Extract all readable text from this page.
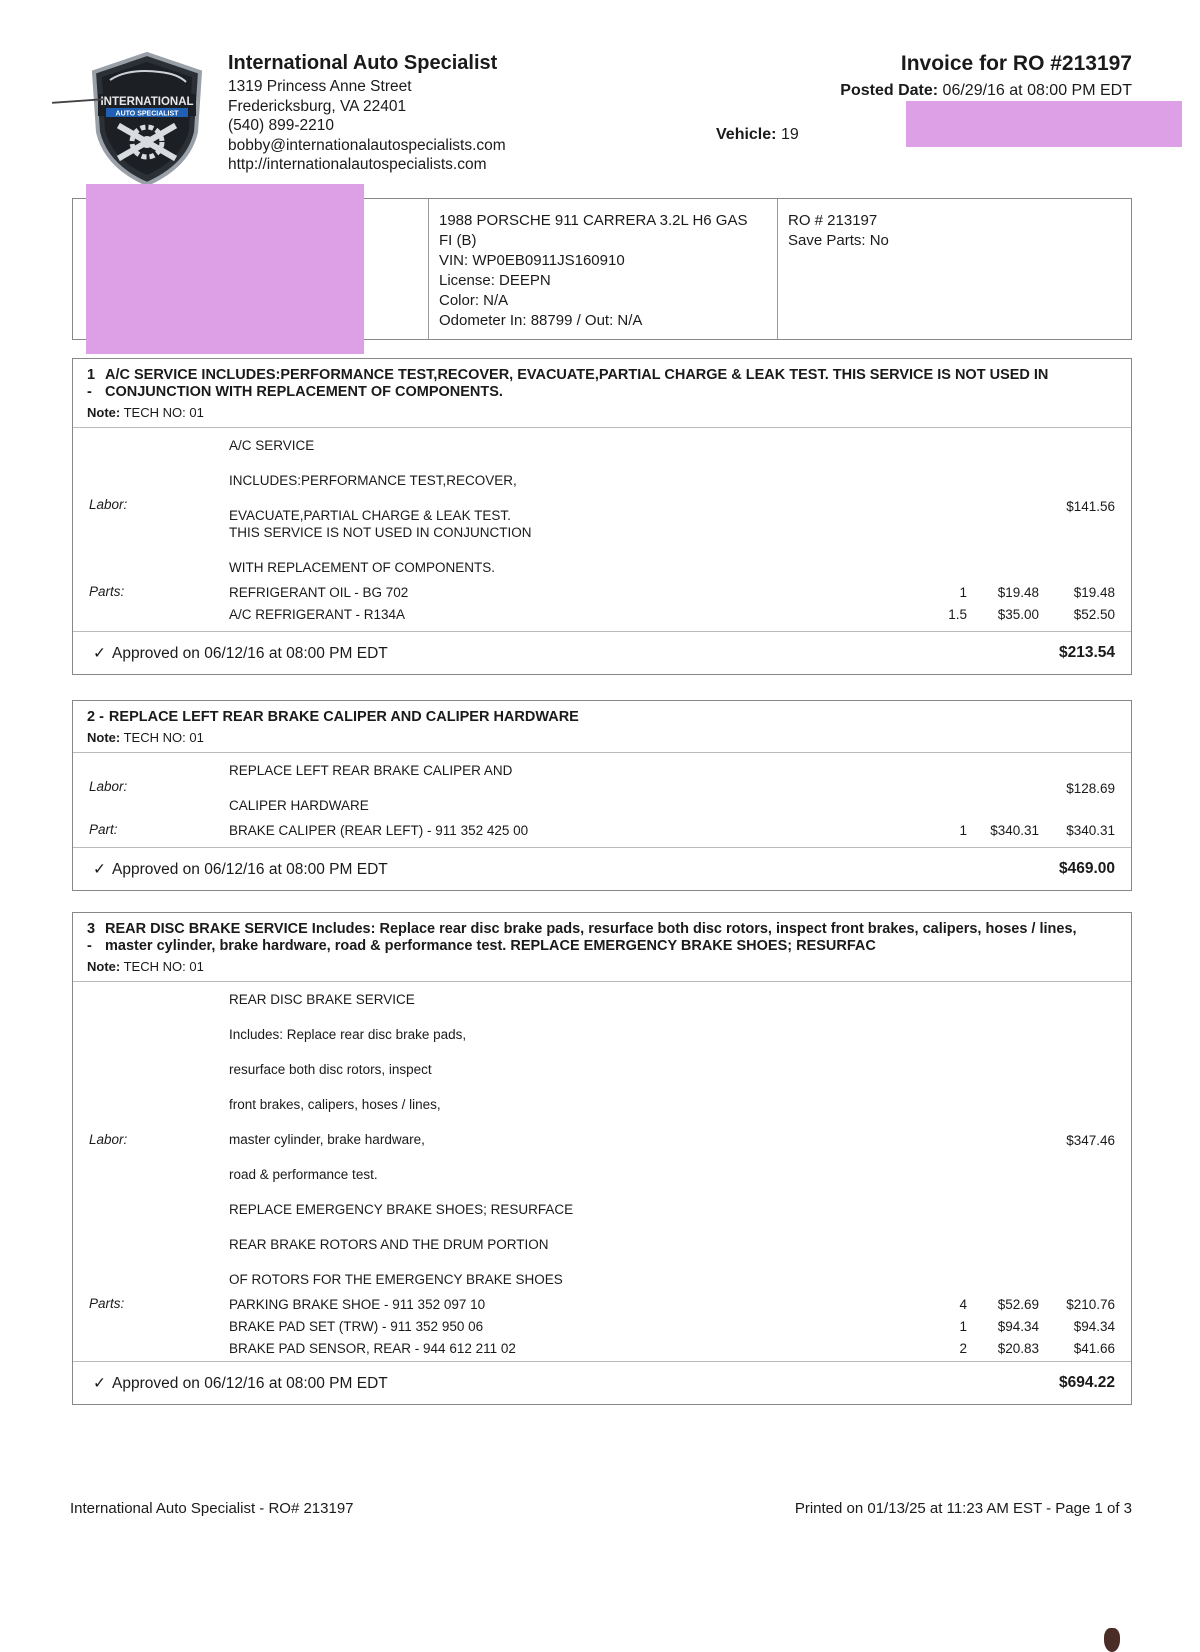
INTERNATIONAL
AUTO SPECIALIST
International Auto Specialist
1319 Princess Anne Street
Fredericksburg, VA 22401
(540) 899-2210
bobby@internationalautospecialists.com
http://internationalautospecialists.com
Invoice for RO #213197
Posted Date: 06/29/16 at 08:00 PM EDT
Vehicle: 19
1988 PORSCHE 911 CARRERA 3.2L H6 GAS
FI (B)
VIN: WP0EB0911JS160910
License: DEEPN
Color: N/A
Odometer In: 88799 / Out: N/A
RO # 213197
Save Parts: No
1 A/C SERVICE INCLUDES:PERFORMANCE TEST,RECOVER, EVACUATE,PARTIAL CHARGE & LEAK TEST. THIS SERVICE IS NOT USED IN
- CONJUNCTION WITH REPLACEMENT OF COMPONENTS.
Note: TECH NO: 01
A/C SERVICE
INCLUDES:PERFORMANCE TEST,RECOVER,
Labor:	$141.56
EVACUATE,PARTIAL CHARGE & LEAK TEST.
THIS SERVICE IS NOT USED IN CONJUNCTION
WITH REPLACEMENT OF COMPONENTS.
Parts:	REFRIGERANT OIL - BG 702	1	$19.48	$19.48
A/C REFRIGERANT - R134A	1.5	$35.00	$52.50
✓ Approved on 06/12/16 at 08:00 PM EDT	$213.54
2 - REPLACE LEFT REAR BRAKE CALIPER AND CALIPER HARDWARE
Note: TECH NO: 01
REPLACE LEFT REAR BRAKE CALIPER AND
Labor:	$128.69
CALIPER HARDWARE
Part:	BRAKE CALIPER (REAR LEFT) - 911 352 425 00	1	$340.31	$340.31
✓ Approved on 06/12/16 at 08:00 PM EDT	$469.00
3 REAR DISC BRAKE SERVICE Includes: Replace rear disc brake pads, resurface both disc rotors, inspect front brakes, calipers, hoses / lines,
- master cylinder, brake hardware, road & performance test. REPLACE EMERGENCY BRAKE SHOES; RESURFAC
Note: TECH NO: 01
REAR DISC BRAKE SERVICE
Includes: Replace rear disc brake pads,
resurface both disc rotors, inspect
front brakes, calipers, hoses / lines,
Labor:	master cylinder, brake hardware,	$347.46
road & performance test.
REPLACE EMERGENCY BRAKE SHOES; RESURFACE
REAR BRAKE ROTORS AND THE DRUM PORTION
OF ROTORS FOR THE EMERGENCY BRAKE SHOES
Parts:	PARKING BRAKE SHOE - 911 352 097 10	4	$52.69	$210.76
BRAKE PAD SET (TRW) - 911 352 950 06	1	$94.34	$94.34
BRAKE PAD SENSOR, REAR - 944 612 211 02	2	$20.83	$41.66
✓ Approved on 06/12/16 at 08:00 PM EDT	$694.22
International Auto Specialist - RO# 213197	Printed on 01/13/25 at 11:23 AM EST - Page 1 of 3
